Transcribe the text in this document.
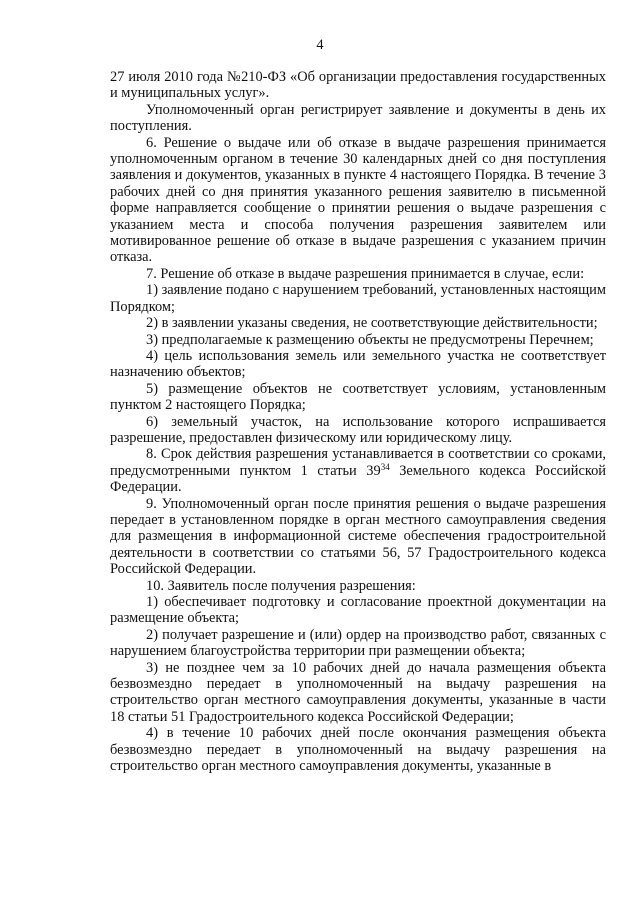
4

27 июля 2010 года №210-ФЗ «Об организации предоставления государственных и муниципальных услуг».

Уполномоченный орган регистрирует заявление и документы в день их поступления.

6. Решение о выдаче или об отказе в выдаче разрешения принимается уполномоченным органом в течение 30 календарных дней со дня поступления заявления и документов, указанных в пункте 4 настоящего Порядка. В течение 3 рабочих дней со дня принятия указанного решения заявителю в письменной форме направляется сообщение о принятии решения о выдаче разрешения с указанием места и способа получения разрешения заявителем или мотивированное решение об отказе в выдаче разрешения с указанием причин отказа.

7. Решение об отказе в выдаче разрешения принимается в случае, если:

1) заявление подано с нарушением требований, установленных настоящим Порядком;

2) в заявлении указаны сведения, не соответствующие действительности;

3) предполагаемые к размещению объекты не предусмотрены Перечнем;

4) цель использования земель или земельного участка не соответствует назначению объектов;

5) размещение объектов не соответствует условиям, установленным пунктом 2 настоящего Порядка;

6) земельный участок, на использование которого испрашивается разрешение, предоставлен физическому или юридическому лицу.

8. Срок действия разрешения устанавливается в соответствии со сроками, предусмотренными пунктом 1 статьи $39^{34}$ Земельного кодекса Российской Федерации.

9. Уполномоченный орган после принятия решения о выдаче разрешения передает в установленном порядке в орган местного самоуправления сведения для размещения в информационной системе обеспечения градостроительной деятельности в соответствии со статьями 56, 57 Градостроительного кодекса Российской Федерации.

10. Заявитель после получения разрешения:

1) обеспечивает подготовку и согласование проектной документации на размещение объекта;

2) получает разрешение и (или) ордер на производство работ, связанных с нарушением благоустройства территории при размещении объекта;

3) не позднее чем за 10 рабочих дней до начала размещения объекта безвозмездно передает в уполномоченный на выдачу разрешения на строительство орган местного самоуправления документы, указанные в части 18 статьи 51 Градостроительного кодекса Российской Федерации;

4) в течение 10 рабочих дней после окончания размещения объекта безвозмездно передает в уполномоченный на выдачу разрешения на строительство орган местного самоуправления документы, указанные в
